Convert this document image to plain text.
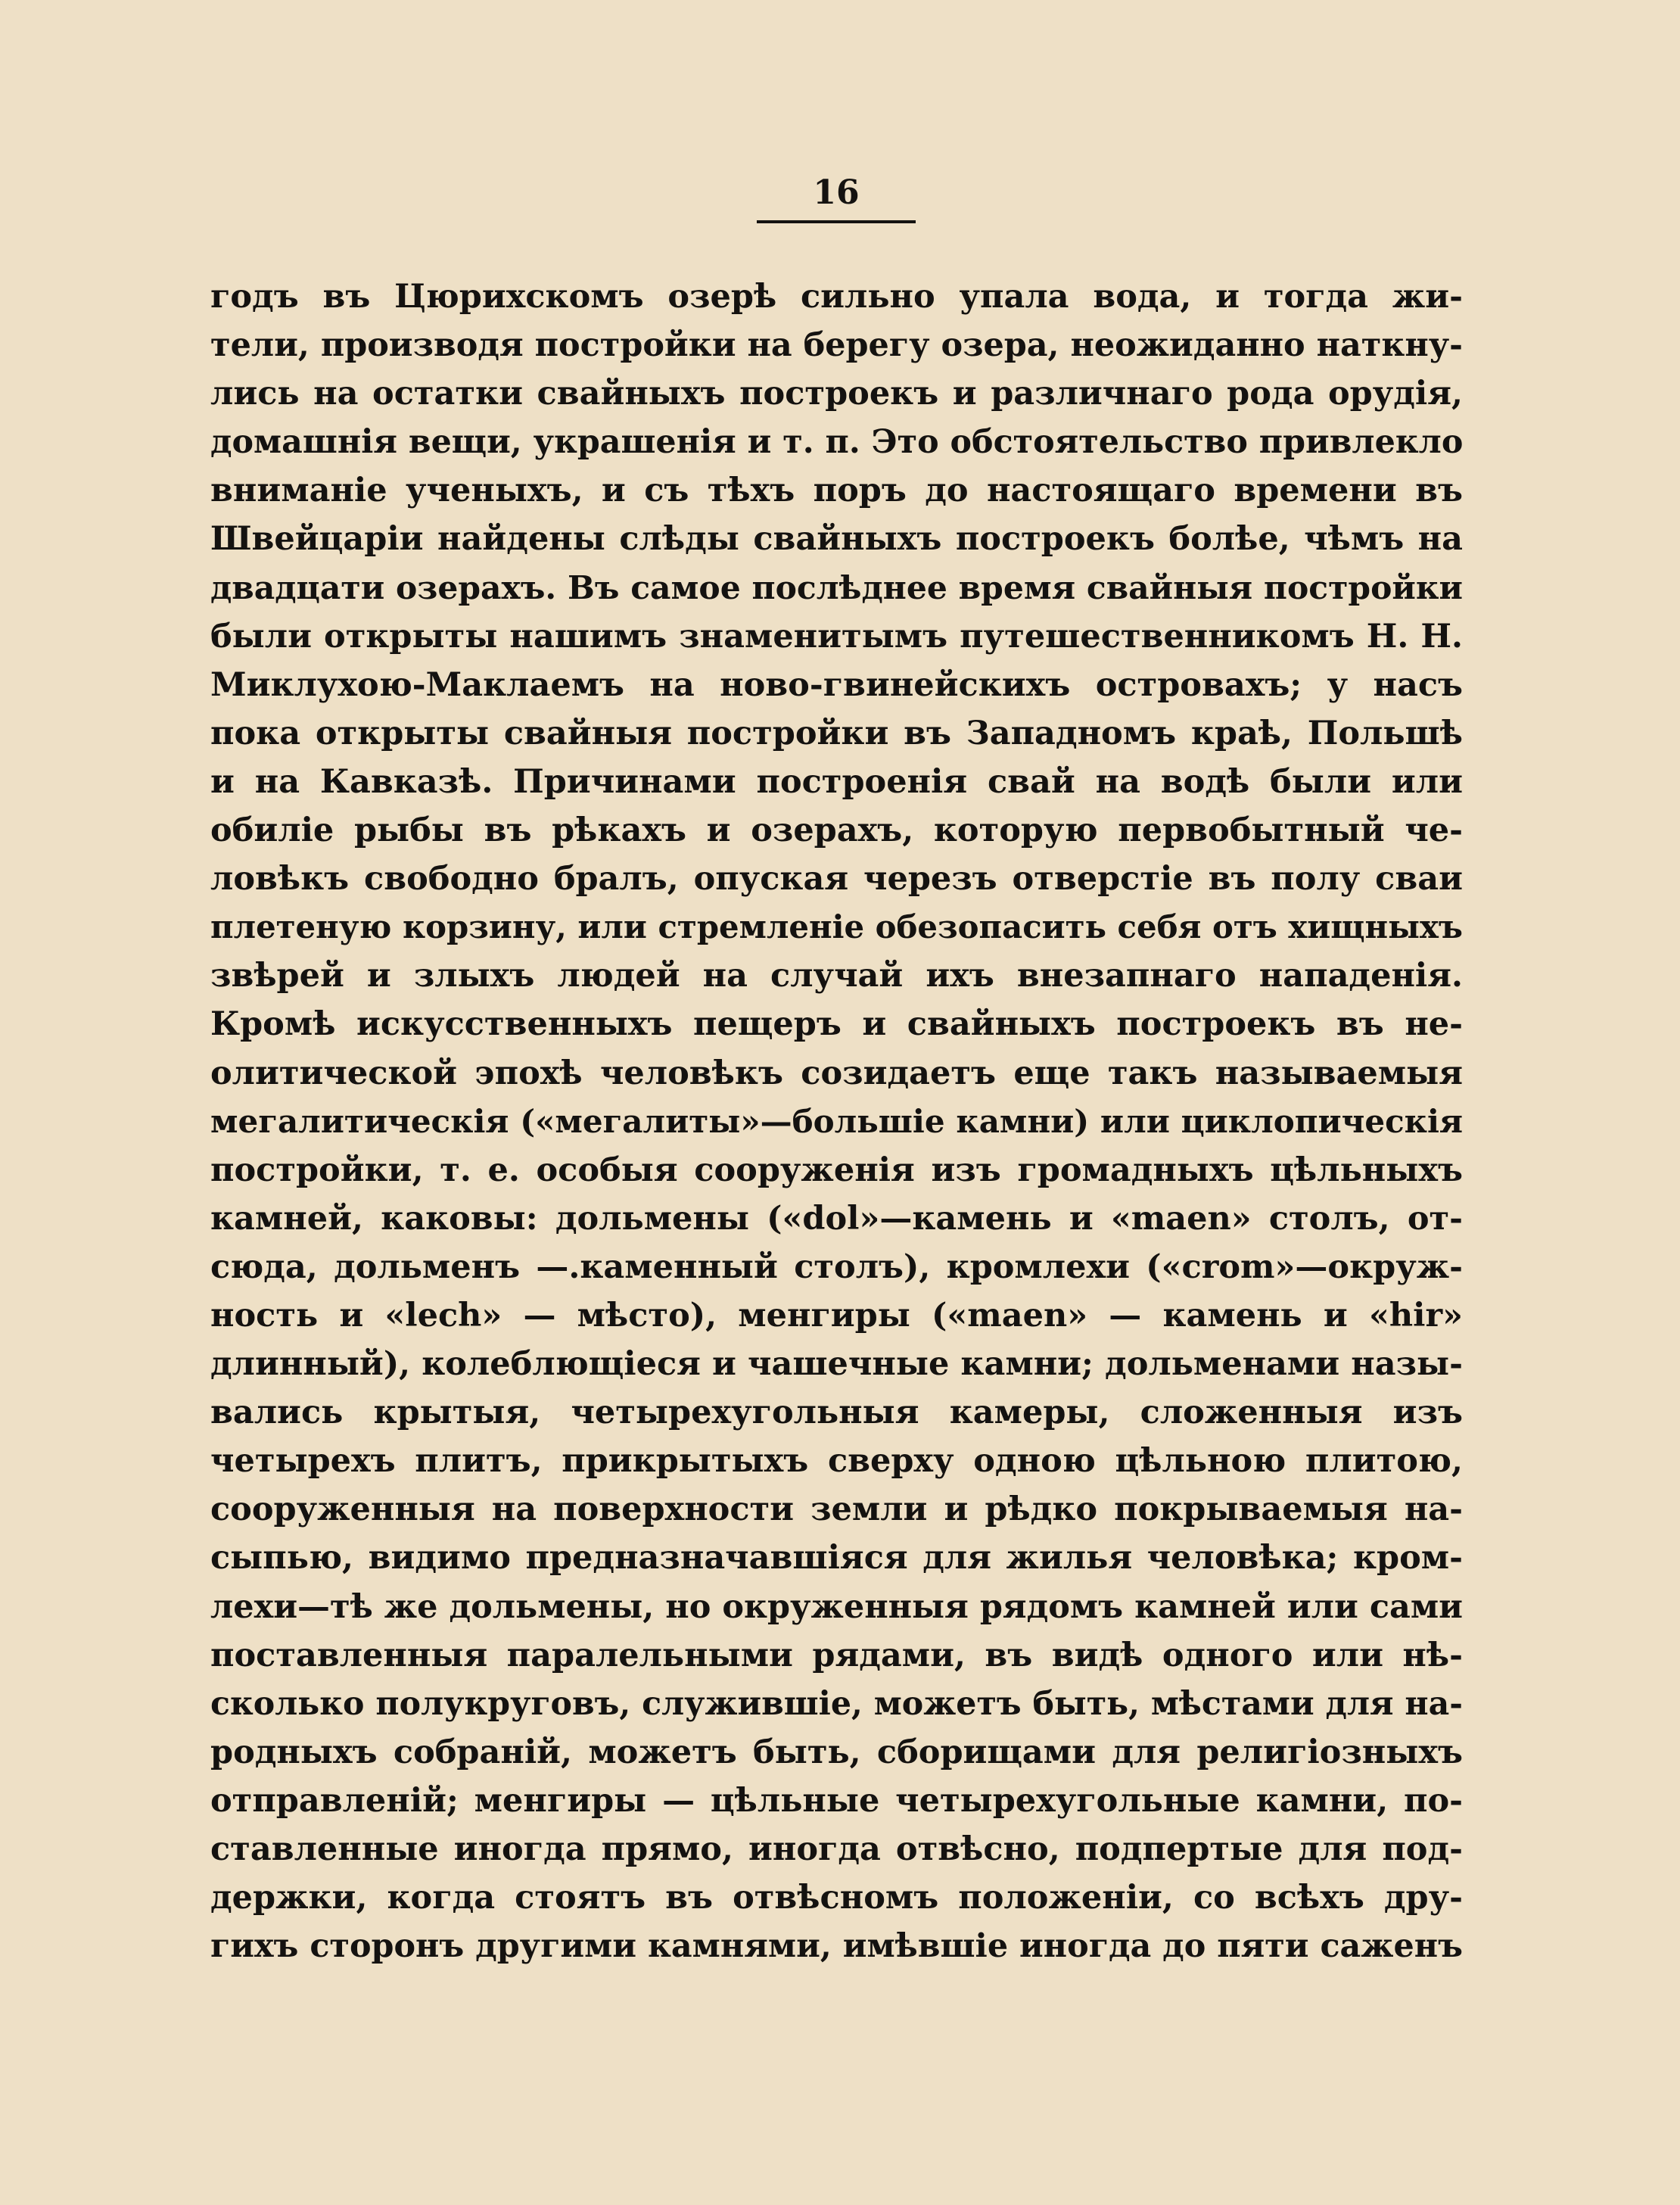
16
годъ въ Цюрихскомъ озерѣ сильно упала вода, и тогда жи-
тели, производя постройки на берегу озера, неожиданно наткну-
лись на остатки свайныхъ построекъ и различнаго рода орудія,
домашнія вещи, украшенія и т. п. Это обстоятельство привлекло
вниманіе ученыхъ, и съ тѣхъ поръ до настоящаго времени въ
Швейцаріи найдены слѣды свайныхъ построекъ болѣе, чѣмъ на
двадцати озерахъ. Въ самое послѣднее время свайныя постройки
были открыты нашимъ знаменитымъ путешественникомъ Н. Н.
Миклухою-Маклаемъ на ново-гвинейскихъ островахъ; у насъ
пока открыты свайныя постройки въ Западномъ краѣ, Польшѣ
и на Кавказѣ. Причинами построенія свай на водѣ были или
обиліе рыбы въ рѣкахъ и озерахъ, которую первобытный че-
ловѣкъ свободно бралъ, опуская черезъ отверстіе въ полу сваи
плетеную корзину, или стремленіе обезопасить себя отъ хищныхъ
звѣрей и злыхъ людей на случай ихъ внезапнаго нападенія.
Кромѣ искусственныхъ пещеръ и свайныхъ построекъ въ не-
олитической эпохѣ человѣкъ созидаетъ еще такъ называемыя
мегалитическія («мегалиты»—большіе камни) или циклопическія
постройки, т. е. особыя сооруженія изъ громадныхъ цѣльныхъ
камней, каковы: дольмены («dol»—камень и «maen» столъ, от-
сюда, дольменъ —.каменный столъ), кромлехи («crom»—окруж-
ность и «lech» — мѣсто), менгиры («maen» — камень и «hir»
длинный), колеблющіеся и чашечные камни; дольменами назы-
вались крытыя, четырехугольныя камеры, сложенныя изъ
четырехъ плитъ, прикрытыхъ сверху одною цѣльною плитою,
сооруженныя на поверхности земли и рѣдко покрываемыя на-
сыпью, видимо предназначавшіяся для жилья человѣка; кром-
лехи—тѣ же дольмены, но окруженныя рядомъ камней или сами
поставленныя паралельными рядами, въ видѣ одного или нѣ-
сколько полукруговъ, служившіе, можетъ быть, мѣстами для на-
родныхъ собраній, можетъ быть, сборищами для религіозныхъ
отправленій; менгиры — цѣльные четырехугольные камни, по-
ставленные иногда прямо, иногда отвѣсно, подпертые для под-
держки, когда стоятъ въ отвѣсномъ положеніи, со всѣхъ дру-
гихъ сторонъ другими камнями, имѣвшіе иногда до пяти саженъ
